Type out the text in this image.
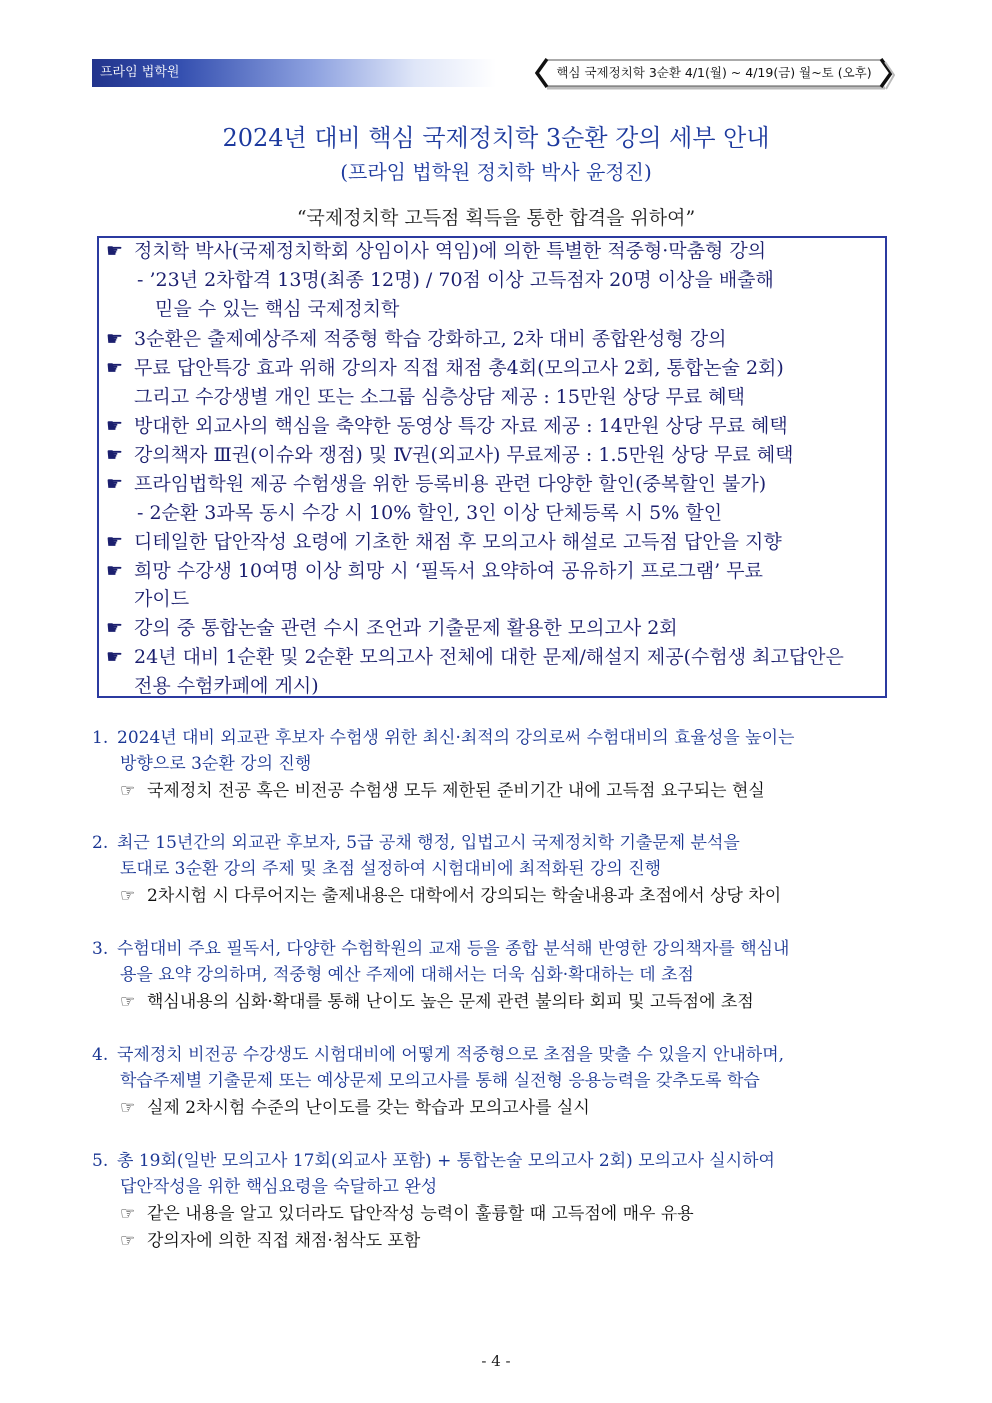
프라임 법학원	핵심 국제정치학 3순환 4/1(월) ~ 4/19(금) 월~토 (오후)
2024년 대비 핵심 국제정치학 3순환 강의 세부 안내
(프라임 법학원 정치학 박사 윤정진)
“국제정치학 고득점 획득을 통한 합격을 위하여”
☛ 정치학 박사(국제정치학회 상임이사 역임)에 의한 특별한 적중형·막춤형 강의
- ’23년 2차합격 13명(최종 12명) / 70점 이상 고득점자 20명 이상을 배출해
믿을 수 있는 핵심 국제정치학
☛ 3순환은 출제예상주제 적중형 학습 강화하고, 2차 대비 종합완성형 강의
☛ 무료 답안특강 효과 위해 강의자 직접 채점 총4회(모의고사 2회, 통합논술 2회)
그리고 수강생별 개인 또는 소그룹 심층상담 제공 : 15만원 상당 무료 혜택
☛ 방대한 외교사의 핵심을 축약한 동영상 특강 자료 제공 : 14만원 상당 무료 혜택
☛ 강의책자 Ⅲ권(이슈와 쟁점) 및 Ⅳ권(외교사) 무료제공 : 1.5만원 상당 무료 혜택
☛ 프라임법학원 제공 수험생을 위한 등록비용 관련 다양한 할인(중복할인 불가)
- 2순환 3과목 동시 수강 시 10% 할인, 3인 이상 단체등록 시 5% 할인
☛ 디테일한 답안작성 요령에 기초한 채점 후 모의고사 해설로 고득점 답안을 지향
☛ 희망 수강생 10여명 이상 희망 시 ‘필독서 요약하여 공유하기 프로그램’ 무료
가이드
☛ 강의 중 통합논술 관련 수시 조언과 기출문제 활용한 모의고사 2회
☛ 24년 대비 1순환 및 2순환 모의고사 전체에 대한 문제/해설지 제공(수험생 최고답안은
전용 수험카페에 게시)
1. 2024년 대비 외교관 후보자 수험생 위한 최신·최적의 강의로써 수험대비의 효율성을 높이는
방향으로 3순환 강의 진행
☞ 국제정치 전공 혹은 비전공 수험생 모두 제한된 준비기간 내에 고득점 요구되는 현실
2. 최근 15년간의 외교관 후보자, 5급 공채 행정, 입법고시 국제정치학 기출문제 분석을
토대로 3순환 강의 주제 및 초점 설정하여 시험대비에 최적화된 강의 진행
☞ 2차시험 시 다루어지는 출제내용은 대학에서 강의되는 학술내용과 초점에서 상당 차이
3. 수험대비 주요 필독서, 다양한 수험학원의 교재 등을 종합 분석해 반영한 강의책자를 핵심내
용을 요약 강의하며, 적중형 예산 주제에 대해서는 더욱 심화·확대하는 데 초점
☞ 핵심내용의 심화·확대를 통해 난이도 높은 문제 관련 불의타 회피 및 고득점에 초점
4. 국제정치 비전공 수강생도 시험대비에 어떻게 적중형으로 초점을 맞출 수 있을지 안내하며,
학습주제별 기출문제 또는 예상문제 모의고사를 통해 실전형 응용능력을 갖추도록 학습
☞ 실제 2차시험 수준의 난이도를 갖는 학습과 모의고사를 실시
5. 총 19회(일반 모의고사 17회(외교사 포함) + 통합논술 모의고사 2회) 모의고사 실시하여
답안작성을 위한 핵심요령을 숙달하고 완성
☞ 같은 내용을 알고 있더라도 답안작성 능력이 훌륭할 때 고득점에 매우 유용
☞ 강의자에 의한 직접 채점·첨삭도 포함
- 4 -
